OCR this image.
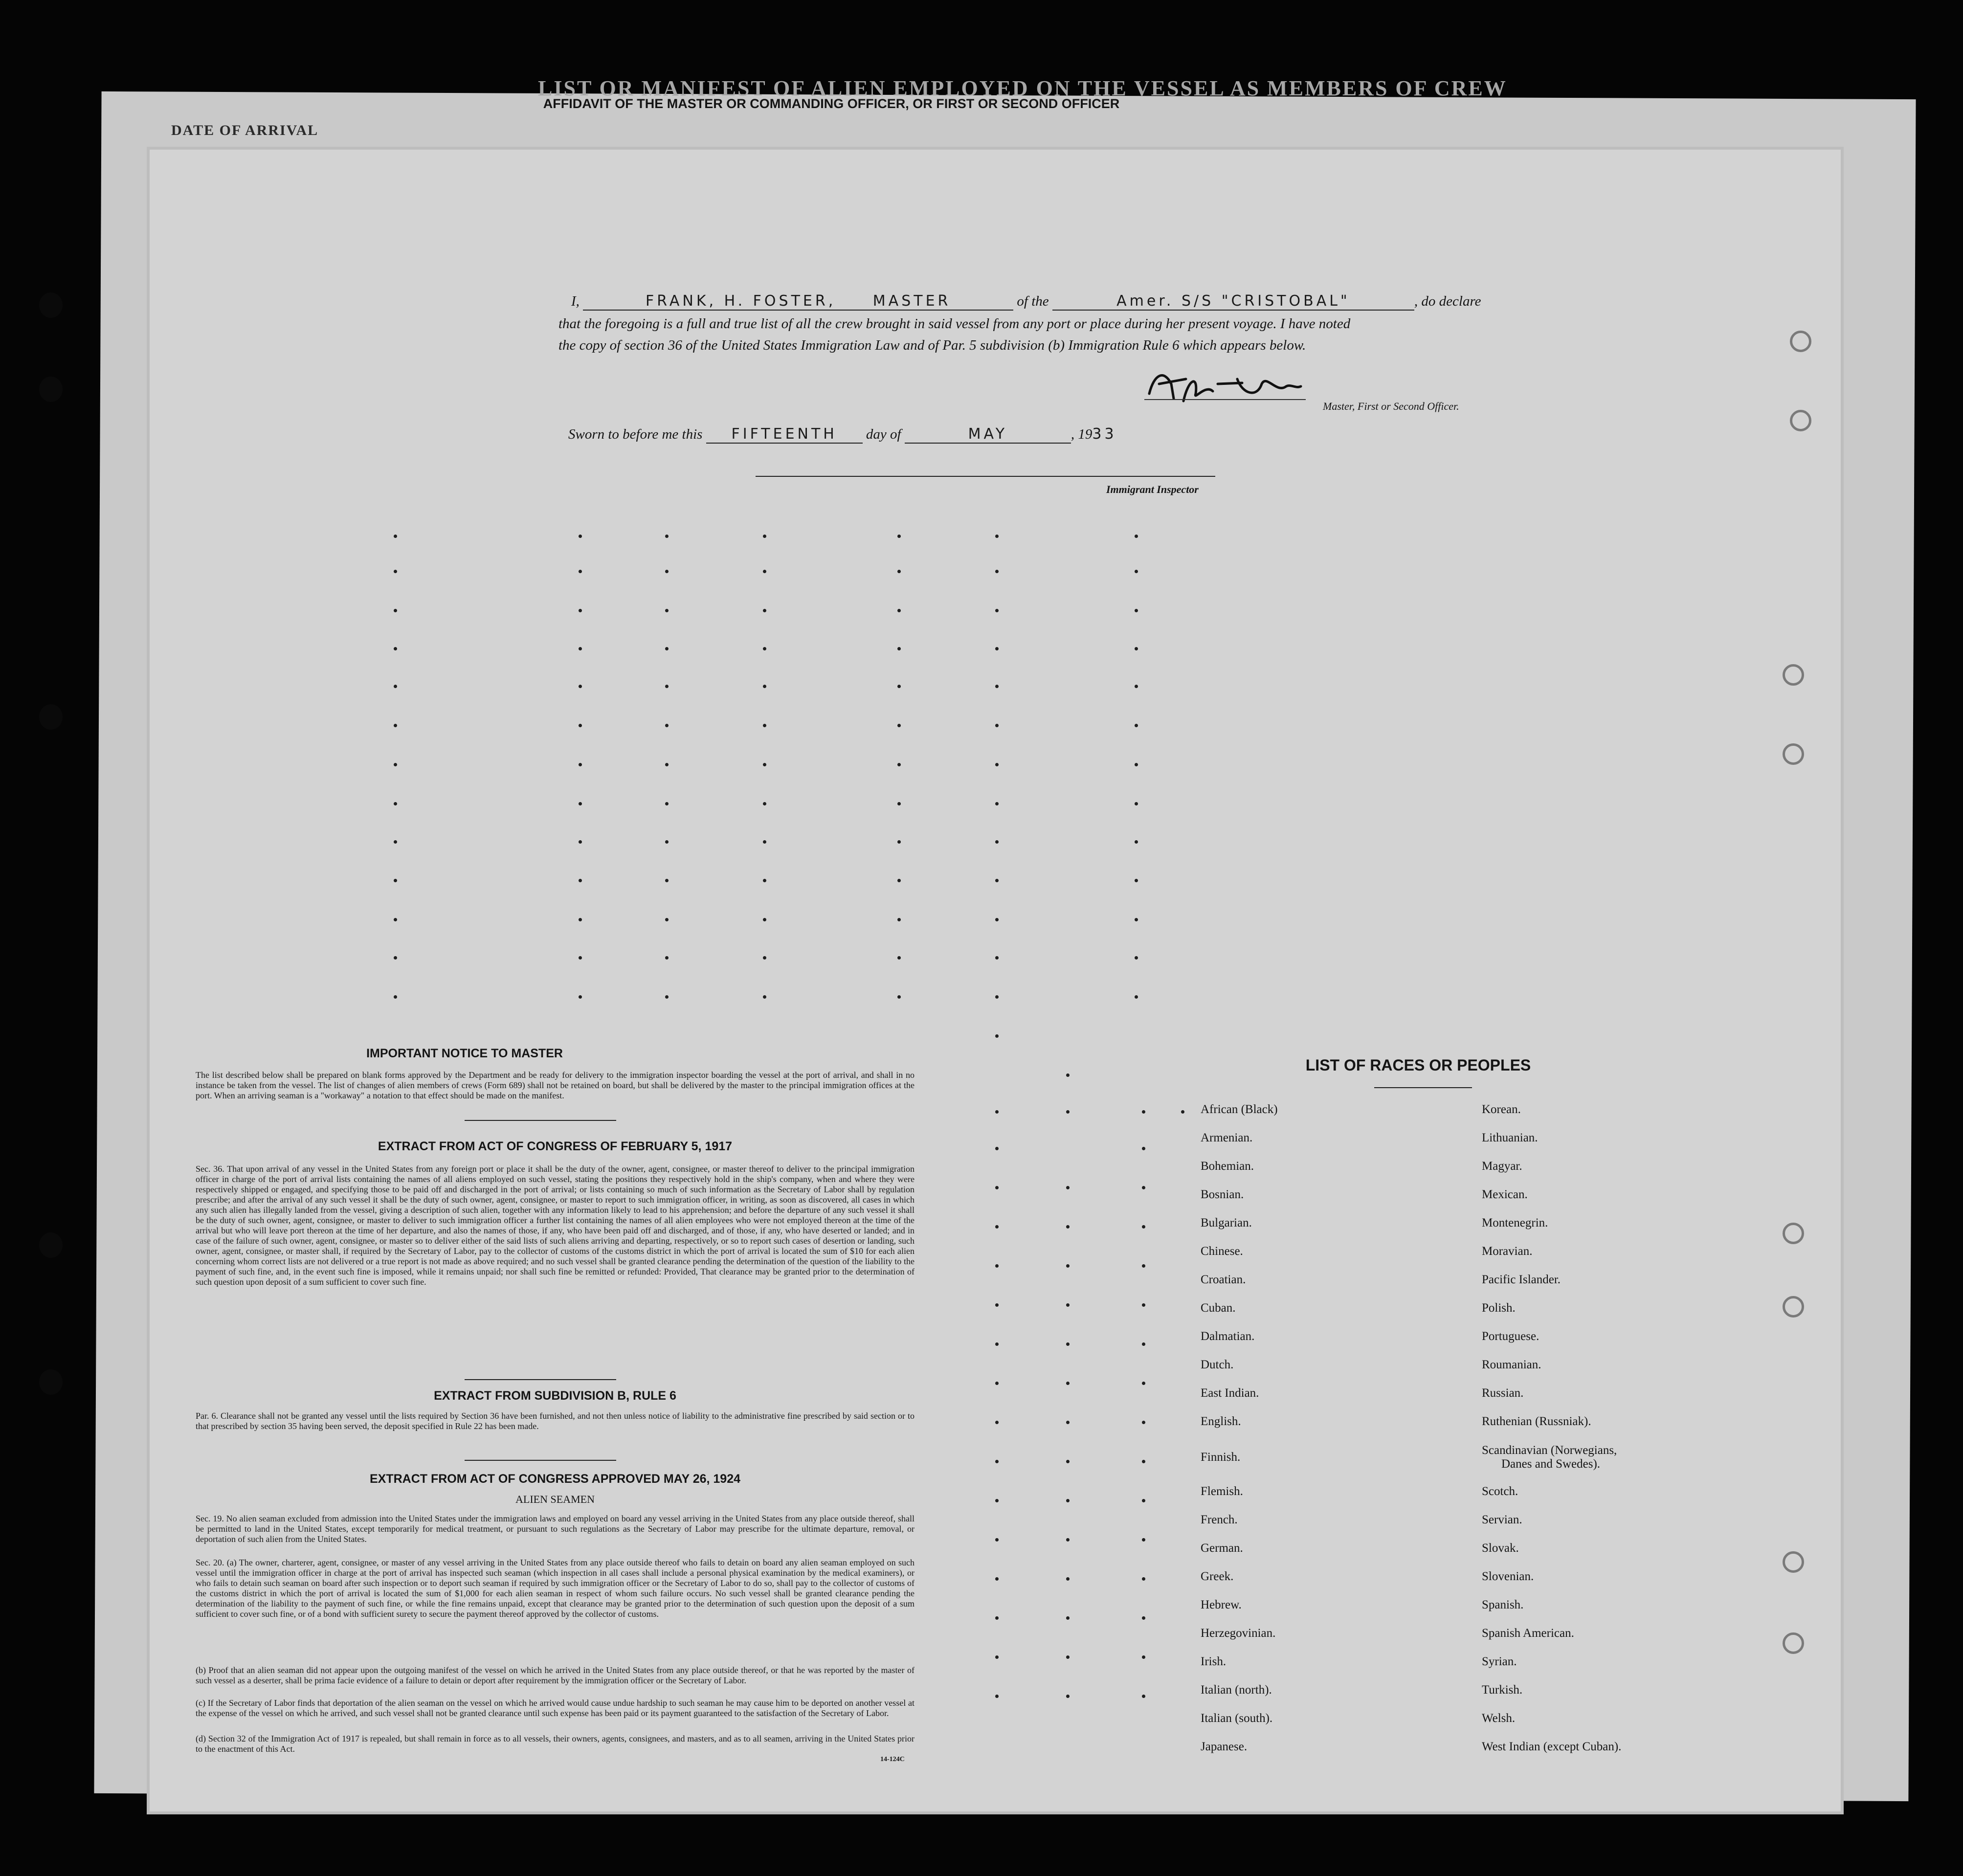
DATE OF ARRIVAL
LIST OR MANIFEST OF ALIEN EMPLOYED ON THE VESSEL AS MEMBERS OF CREW
AFFIDAVIT OF THE MASTER OR COMMANDING OFFICER, OR FIRST OR SECOND OFFICER
I,	FRANK, H. FOSTER,	MASTER	of the	Amer. S/S "CRISTOBAL"	, do declare
that the foregoing is a full and true list of all the crew brought in said vessel from any port or place during her present voyage. I have noted
the copy of section 36 of the United States Immigration Law and of Par. 5 subdivision (b) Immigration Rule 6 which appears below.
Master, First or Second Officer.
Sworn to before me this FIFTEENTH day of	MAY	, 1933
Immigrant Inspector
IMPORTANT NOTICE TO MASTER

The list described below shall be prepared on blank forms approved by the Department and be ready for delivery to the immigration inspector boarding the vessel at the port of arrival, and shall in no instance be taken from the vessel. The list of changes of alien members of crews (Form 689) shall not be retained on board, but shall be delivered by the master to the principal immigration offices at the port. When an arriving seaman is a "workaway" a notation to that effect should be made on the manifest.

EXTRACT FROM ACT OF CONGRESS OF FEBRUARY 5, 1917

Sec. 36. That upon arrival of any vessel in the United States from any foreign port or place it shall be the duty of the owner, agent, consignee, or master thereof to deliver to the principal immigration officer in charge of the port of arrival lists containing the names of all aliens employed on such vessel, stating the positions they respectively hold in the ship's company, when and where they were respectively shipped or engaged, and specifying those to be paid off and discharged in the port of arrival; or lists containing so much of such information as the Secretary of Labor shall by regulation prescribe; and after the arrival of any such vessel it shall be the duty of such owner, agent, consignee, or master to report to such immigration officer, in writing, as soon as discovered, all cases in which any such alien has illegally landed from the vessel, giving a description of such alien, together with any information likely to lead to his apprehension; and before the departure of any such vessel it shall be the duty of such owner, agent, consignee, or master to deliver to such immigration officer a further list containing the names of all alien employees who were not employed thereon at the time of the arrival but who will leave port thereon at the time of her departure, and also the names of those, if any, who have been paid off and discharged, and of those, if any, who have deserted or landed; and in case of the failure of such owner, agent, consignee, or master so to deliver either of the said lists of such aliens arriving and departing, respectively, or so to report such cases of desertion or landing, such owner, agent, consignee, or master shall, if required by the Secretary of Labor, pay to the collector of customs of the customs district in which the port of arrival is located the sum of $10 for each alien concerning whom correct lists are not delivered or a true report is not made as above required; and no such vessel shall be granted clearance pending the determination of the question of the liability to the payment of such fine, and, in the event such fine is imposed, while it remains unpaid; nor shall such fine be remitted or refunded: Provided, That clearance may be granted prior to the determination of such question upon deposit of a sum sufficient to cover such fine.

EXTRACT FROM SUBDIVISION B, RULE 6

Par. 6. Clearance shall not be granted any vessel until the lists required by Section 36 have been furnished, and not then unless notice of liability to the administrative fine prescribed by said section or to that prescribed by section 35 having been served, the deposit specified in Rule 22 has been made.

EXTRACT FROM ACT OF CONGRESS APPROVED MAY 26, 1924
ALIEN SEAMEN

Sec. 19. No alien seaman excluded from admission into the United States under the immigration laws and employed on board any vessel arriving in the United States from any place outside thereof, shall be permitted to land in the United States, except temporarily for medical treatment, or pursuant to such regulations as the Secretary of Labor may prescribe for the ultimate departure, removal, or deportation of such alien from the United States.

Sec. 20. (a) The owner, charterer, agent, consignee, or master of any vessel arriving in the United States from any place outside thereof who fails to detain on board any alien seaman employed on such vessel until the immigration officer in charge at the port of arrival has inspected such seaman (which inspection in all cases shall include a personal physical examination by the medical examiners), or who fails to detain such seaman on board after such inspection or to deport such seaman if required by such immigration officer or the Secretary of Labor to do so, shall pay to the collector of customs of the customs district in which the port of arrival is located the sum of $1,000 for each alien seaman in respect of whom such failure occurs. No such vessel shall be granted clearance pending the determination of the liability to the payment of such fine, or while the fine remains unpaid, except that clearance may be granted prior to the determination of such question upon the deposit of a sum sufficient to cover such fine, or of a bond with sufficient surety to secure the payment thereof approved by the collector of customs.

(b) Proof that an alien seaman did not appear upon the outgoing manifest of the vessel on which he arrived in the United States from any place outside thereof, or that he was reported by the master of such vessel as a deserter, shall be prima facie evidence of a failure to detain or deport after requirement by the immigration officer or the Secretary of Labor.

(c) If the Secretary of Labor finds that deportation of the alien seaman on the vessel on which he arrived would cause undue hardship to such seaman he may cause him to be deported on another vessel at the expense of the vessel on which he arrived, and such vessel shall not be granted clearance until such expense has been paid or its payment guaranteed to the satisfaction of the Secretary of Labor.

(d) Section 32 of the Immigration Act of 1917 is repealed, but shall remain in force as to all vessels, their owners, agents, consignees, and masters, and as to all seamen, arriving in the United States prior to the enactment of this Act.

14-124C
LIST OF RACES OR PEOPLES
African (Black)
Armenian.
Bohemian.
Bosnian.
Bulgarian.
Chinese.
Croatian.
Cuban.
Dalmatian.
Dutch.
East Indian.
English.
Finnish.
Flemish.
French.
German.
Greek.
Hebrew.
Herzegovinian.
Irish.
Italian (north).
Italian (south).
Japanese.
Korean.
Lithuanian.
Magyar.
Mexican.
Montenegrin.
Moravian.
Pacific Islander.
Polish.
Portuguese.
Roumanian.
Russian.
Ruthenian (Russniak).
Scandinavian (Norwegians,
Danes and Swedes).
Scotch.
Servian.
Slovak.
Slovenian.
Spanish.
Spanish American.
Syrian.
Turkish.
Welsh.
West Indian (except Cuban).
